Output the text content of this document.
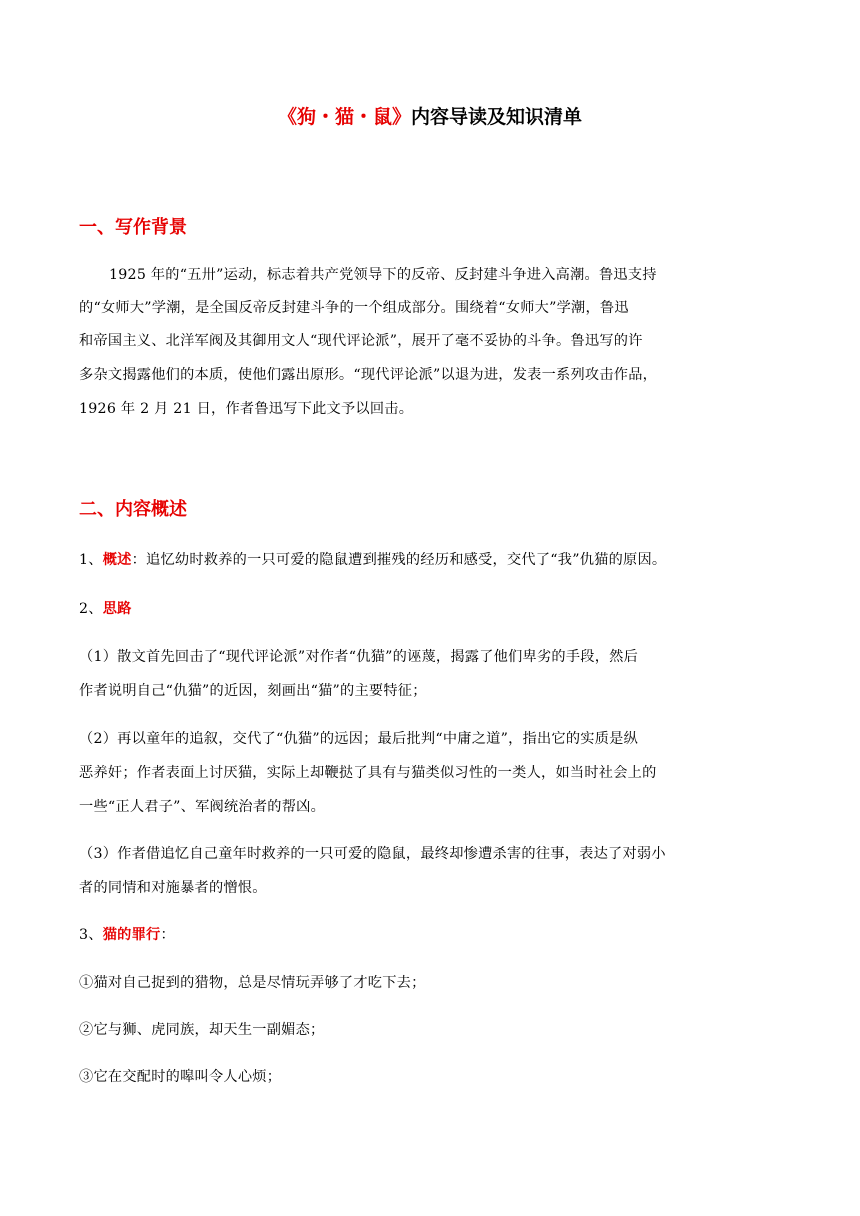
《狗・猫・鼠》内容导读及知识清单
一、写作背景
1925 年的“五卅”运动，标志着共产党领导下的反帝、反封建斗争进入高潮。鲁迅支持
的“女师大”学潮，是全国反帝反封建斗争的一个组成部分。围绕着“女师大”学潮，鲁迅
和帝国主义、北洋军阀及其御用文人“现代评论派”，展开了毫不妥协的斗争。鲁迅写的许
多杂文揭露他们的本质，使他们露出原形。“现代评论派”以退为进，发表一系列攻击作品，
1926 年 2 月 21 日，作者鲁迅写下此文予以回击。
二、内容概述
1、概述：追忆幼时救养的一只可爱的隐鼠遭到摧残的经历和感受，交代了“我”仇猫的原因。
2、思路
（1）散文首先回击了“现代评论派”对作者“仇猫”的诬蔑，揭露了他们卑劣的手段，然后
作者说明自己“仇猫”的近因，刻画出“猫”的主要特征；
（2）再以童年的追叙，交代了“仇猫”的远因；最后批判“中庸之道”，指出它的实质是纵
恶养奸；作者表面上讨厌猫，实际上却鞭挞了具有与猫类似习性的一类人，如当时社会上的
一些“正人君子”、军阀统治者的帮凶。
（3）作者借追忆自己童年时救养的一只可爱的隐鼠，最终却惨遭杀害的往事，表达了对弱小
者的同情和对施暴者的憎恨。
3、猫的罪行：
①猫对自己捉到的猎物，总是尽情玩弄够了才吃下去；
②它与狮、虎同族，却天生一副媚态；
③它在交配时的嗥叫令人心烦；
